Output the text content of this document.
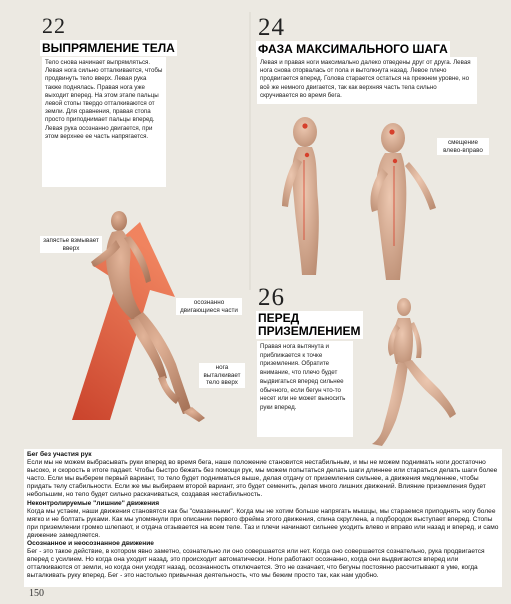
22
ВЫПРЯМЛЕНИЕ ТЕЛА
Тело снова начинает выпрямляться. Левая нога сильно отталкивается, чтобы продвинуть тело вверх. Левая рука также поднялась. Правая нога уже выходит вперед. На этом этапе пальцы левой стопы твердо отталкиваются от земли. Для сравнения, правая стопа просто приподнимает пальцы вперед. Левая рука осознанно двигается, при этом верхнее ее часть напрягается.
запястье взмывает вверх
осознанно двигающиеся части
нога выталкивает тело вверх
24
ФАЗА МАКСИМАЛЬНОГО ШАГА
Левая и правая ноги максимально далеко отведены друг от друга. Левая нога снова оторвалась от пола и вытолкнута назад. Левое плечо продвигается вперед. Голова старается остаться на прежнем уровне, но всё же немного двигается, так как верхняя часть тела сильно скручивается во время бега.
смещение влево-вправо
26
ПЕРЕД
ПРИЗЕМЛЕНИЕМ
Правая нога вытянута и приближается к точке приземления. Обратите внимание, что плечо будет выдвигаться вперед сильнее обычного, если бегун что-то несет или не может выносить руки вперед.

Бег без участия рук

Если мы не можем выбрасывать руки вперед во время бега, наше положение становится нестабильным, и мы не можем поднимать ноги достаточно высоко, и скорость в итоге падает. Чтобы быстро бежать без помощи рук, мы можем попытаться делать шаги длиннее или стараться делать шаги более часто. Если мы выберем первый вариант, то тело будет подниматься выше, делая отдачу от приземления сильнее, а движения медленнее, чтобы придать телу стабильности. Если же мы выбираем второй вариант, это будет семенить, делая много лишних движений. Влияние приземления будет небольшим, но тело будет сильно раскачиваться, создавая нестабильность.

Неконтролируемые "лишние" движения

Когда мы устаем, наши движения становятся как бы "смазанными". Когда мы не хотим больше напрягать мышцы, мы стараемся приподнять ногу более мягко и не болтать руками. Как мы упомянули при описании первого фрейма этого движения, спина скруглена, а подбородок выступает вперед. Стопы при приземлении громко шлепают, и отдача отзывается на всем теле. Таз и плечи начинают сильнее уходить влево и вправо или назад и вперед, и само движение замедляется.

Осознанное и неосознанное движение

Бег - это такое действие, в котором явно заметно, сознательно ли оно совершается или нет. Когда оно совершается сознательно, рука продвигается вперед с усилием. Но когда она уходит назад, это происходит автоматически. Ноги работают осознанно, когда они выдвигаются вперед или отталкиваются от земли, но когда они уходят назад, осознанность отключается. Это не означает, что бегуны постоянно рассчитывают в уме, когда выталкивать руку вперед. Бег - это настолько привычная деятельность, что мы бежим просто так, как нам удобно.

150
